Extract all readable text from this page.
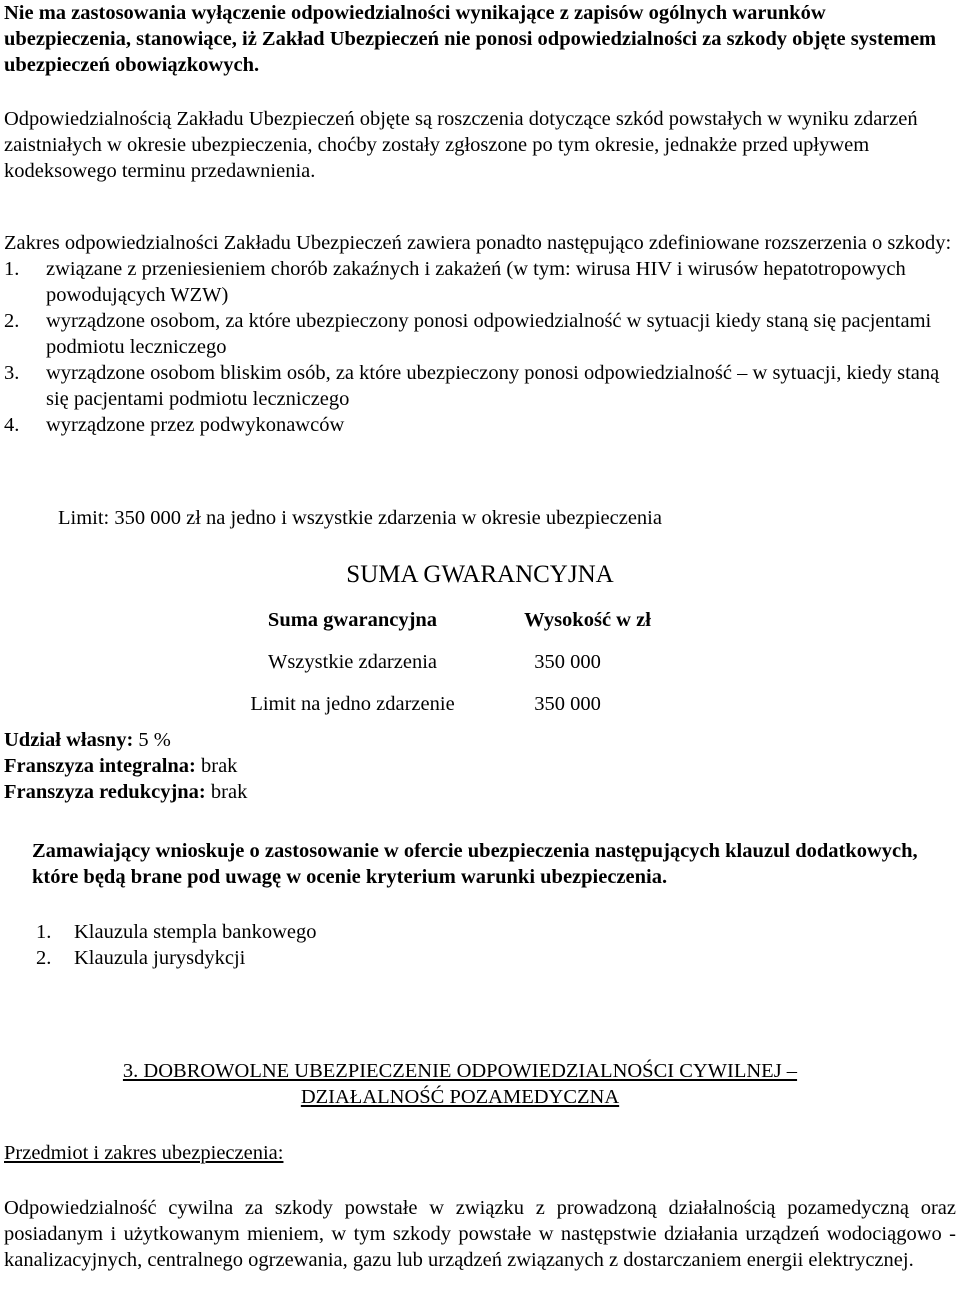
Nie ma zastosowania wyłączenie odpowiedzialności wynikające z zapisów ogólnych warunków ubezpieczenia, stanowiące, iż Zakład Ubezpieczeń nie ponosi odpowiedzialności za szkody objęte systemem ubezpieczeń obowiązkowych.

Odpowiedzialnością Zakładu Ubezpieczeń objęte są roszczenia dotyczące szkód powstałych w wyniku zdarzeń zaistniałych w okresie ubezpieczenia, choćby zostały zgłoszone po tym okresie, jednakże przed upływem kodeksowego terminu przedawnienia.

Zakres odpowiedzialności Zakładu Ubezpieczeń zawiera ponadto następująco zdefiniowane rozszerzenia o szkody:

1.	związane z przeniesieniem chorób zakaźnych i zakażeń (w tym: wirusa HIV i wirusów hepatotropowych powodujących WZW)
2.	wyrządzone osobom, za które ubezpieczony ponosi odpowiedzialność w sytuacji kiedy staną się pacjentami podmiotu leczniczego
3.	wyrządzone osobom bliskim osób, za które ubezpieczony ponosi odpowiedzialność – w sytuacji, kiedy staną się pacjentami podmiotu leczniczego
4.	wyrządzone przez podwykonawców

Limit: 350 000 zł na jedno i wszystkie zdarzenia w okresie ubezpieczenia

SUMA GWARANCYJNA
Suma gwarancyjna	Wysokość w zł
Wszystkie zdarzenia	350 000
Limit na jedno zdarzenie	350 000

Udział własny: 5 %

Franszyza integralna: brak

Franszyza redukcyjna: brak

Zamawiający wnioskuje o zastosowanie w ofercie ubezpieczenia następujących klauzul dodatkowych, które będą brane pod uwagę w ocenie kryterium warunki ubezpieczenia.

1.	Klauzula stempla bankowego
2.	Klauzula jurysdykcji

3. DOBROWOLNE UBEZPIECZENIE ODPOWIEDZIALNOŚCI CYWILNEJ –

DZIAŁALNOŚĆ POZAMEDYCZNA

Przedmiot i zakres ubezpieczenia:

Odpowiedzialność cywilna za szkody powstałe w związku z prowadzoną działalnością pozamedyczną oraz posiadanym i użytkowanym mieniem, w tym szkody powstałe w następstwie działania urządzeń wodociągowo - kanalizacyjnych, centralnego ogrzewania, gazu lub urządzeń związanych z dostarczaniem energii elektrycznej.
